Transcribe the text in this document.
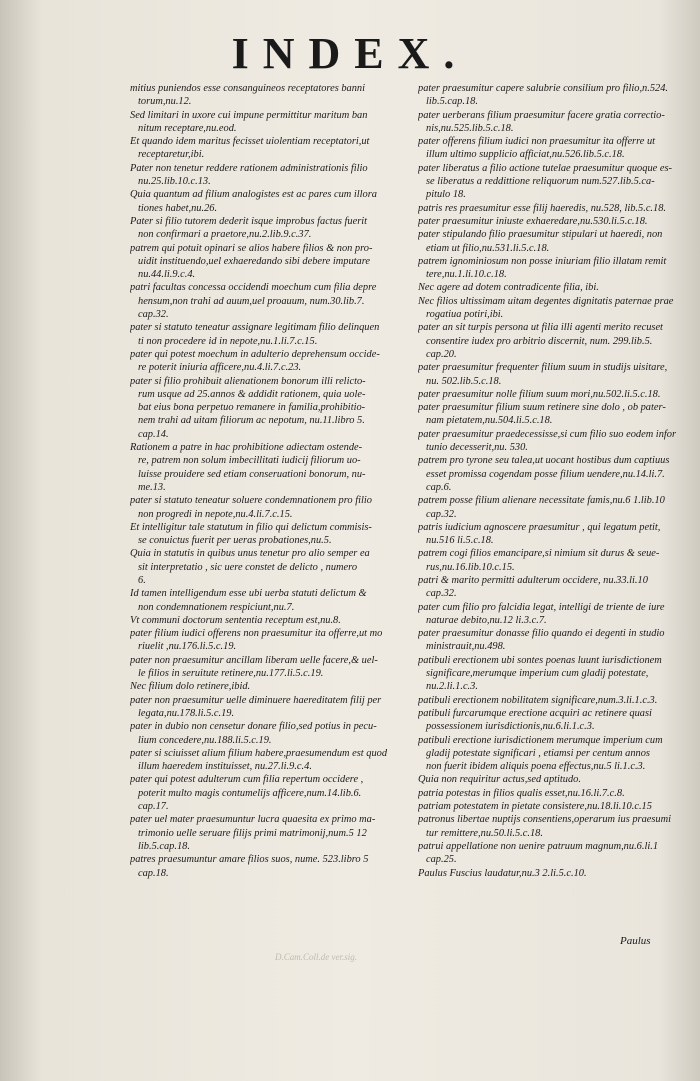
INDEX.
mitius puniendos esse consanguineos receptatores banni
torum,nu.12.
Sed limitari in uxore cui impune permittitur maritum ban
nitum receptare,nu.eod.
Et quando idem maritus fecisset uiolentiam receptatori,ut
receptaretur,ibi.
Pater non tenetur reddere rationem administrationis filio
nu.25.lib.10.c.13.
Quia quantum ad filium analogistes est ac pares cum illora
tiones habet,nu.26.
Pater si filio tutorem dederit isque improbus factus fuerit
non confirmari a praetore,nu.2.lib.9.c.37.
patrem qui potuit opinari se alios habere filios & non pro-
uidit instituendo,uel exhaeredando sibi debere imputare
nu.44.li.9.c.4.
patri facultas concessa occidendi moechum cum filia depre
hensum,non trahi ad auum,uel proauum, num.30.lib.7.
cap.32.
pater si statuto teneatur assignare legitimam filio delinquen
ti non procedere id in nepote,nu.1.li.7.c.15.
pater qui potest moechum in adulterio deprehensum occide-
re poterit iniuria afficere,nu.4.li.7.c.23.
pater si filio prohibuit alienationem bonorum illi relicto-
rum usque ad 25.annos & addidit rationem, quia uole-
bat eius bona perpetuo remanere in familia,prohibitio-
nem trahi ad uitam filiorum ac nepotum, nu.11.libro 5.
cap.14.
Rationem a patre in hac prohibitione adiectam ostende-
re, patrem non solum imbecillitati iudicij filiorum uo-
luisse prouidere sed etiam conseruationi bonorum, nu-
me.13.
pater si statuto teneatur soluere condemnationem pro filio
non progredi in nepote,nu.4.li.7.c.15.
Et intelligitur tale statutum in filio qui delictum commisis-
se conuictus fuerit per ueras probationes,nu.5.
Quia in statutis in quibus unus tenetur pro alio semper ea
sit interpretatio , sic uere constet de delicto , numero
6.
Id tamen intelligendum esse ubi uerba statuti delictum &
non condemnationem respiciunt,nu.7.
Vt communi doctorum sententia receptum est,nu.8.
pater filium iudici offerens non praesumitur ita offerre,ut mo
riuelit ,nu.176.li.5.c.19.
pater non praesumitur ancillam liberam uelle facere,& uel-
le filios in seruitute retinere,nu.177.li.5.c.19.
Nec filium dolo retinere,ibid.
pater non praesumitur uelle diminuere haereditatem filij per
legata,nu.178.li.5.c.19.
pater in dubio non censetur donare filio,sed potius in pecu-
lium concedere,nu.188.li.5.c.19.
pater si sciuisset alium filium habere,praesumendum est quod
illum haeredem instituisset, nu.27.li.9.c.4.
pater qui potest adulterum cum filia repertum occidere ,
poterit multo magis contumelijs afficere,num.14.lib.6.
cap.17.
pater uel mater praesumuntur lucra quaesita ex primo ma-
trimonio uelle seruare filijs primi matrimonij,num.5 12
lib.5.cap.18.
patres praesumuntur amare filios suos, nume. 523.libro 5
cap.18.
pater praesumitur capere salubrie consilium pro filio,n.524.
lib.5.cap.18.
pater uerberans filium praesumitur facere gratia correctio-
nis,nu.525.lib.5.c.18.
pater offerens filium iudici non praesumitur ita offerre ut
illum ultimo supplicio afficiat,nu.526.lib.5.c.18.
pater liberatus a filio actione tutelae praesumitur quoque es-
se liberatus a reddittione reliquorum num.527.lib.5.ca-
pitulo 18.
patris res praesumitur esse filij haeredis, nu.528, lib.5.c.18.
pater praesumitur iniuste exhaeredare,nu.530.li.5.c.18.
pater stipulando filio praesumitur stipulari ut haeredi, non
etiam ut filio,nu.531.li.5.c.18.
patrem ignominiosum non posse iniuriam filio illatam remit
tere,nu.1.li.10.c.18.
Nec agere ad dotem contradicente filia, ibi.
Nec filios ultissimam uitam degentes dignitatis paternae prae
rogatiua potiri,ibi.
pater an sit turpis persona ut filia illi agenti merito recuset
consentire iudex pro arbitrio discernit, num. 299.lib.5.
cap.20.
pater praesumitur frequenter filium suum in studijs uisitare,
nu. 502.lib.5.c.18.
pater praesumitur nolle filium suum mori,nu.502.li.5.c.18.
pater praesumitur filium suum retinere sine dolo , ob pater-
nam pietatem,nu.504.li.5.c.18.
pater praesumitur praedecessisse,si cum filio suo eodem infor
tunio decesserit,nu. 530.
patrem pro tyrone seu talea,ut uocant hostibus dum captiuus
esset promissa cogendam posse filium uendere,nu.14.li.7.
cap.6.
patrem posse filium alienare necessitate famis,nu.6 1.lib.10
cap.32.
patris iudicium agnoscere praesumitur , qui legatum petit,
nu.516 li.5.c.18.
patrem cogi filios emancipare,si nimium sit durus & seue-
rus,nu.16.lib.10.c.15.
patri & marito permitti adulterum occidere, nu.33.li.10
cap.32.
pater cum filio pro falcidia legat, intelligi de triente de iure
naturae debito,nu.12 li.3.c.7.
pater praesumitur donasse filio quando ei degenti in studio
ministrauit,nu.498.
patibuli erectionem ubi sontes poenas luunt iurisdictionem
significare,merumque imperium cum gladij potestate,
nu.2.li.1.c.3.
patibuli erectionem nobilitatem significare,num.3.li.1.c.3.
patibuli furcarumque erectione acquiri ac retinere quasi
possessionem iurisdictionis,nu.6.li.1.c.3.
patibuli erectione iurisdictionem merumque imperium cum
gladij potestate significari , etiamsi per centum annos
non fuerit ibidem aliquis poena effectus,nu.5 li.1.c.3.
Quia non requiritur actus,sed aptitudo.
patria potestas in filios qualis esset,nu.16.li.7.c.8.
patriam potestatem in pietate consistere,nu.18.li.10.c.15
patronus libertae nuptijs consentiens,operarum ius praesumi
tur remittere,nu.50.li.5.c.18.
patrui appellatione non uenire patruum magnum,nu.6.li.1
cap.25.
Paulus Fuscius laudatur,nu.3 2.li.5.c.10.
D.Cam.Coll.de ver.sig.
Paulus
